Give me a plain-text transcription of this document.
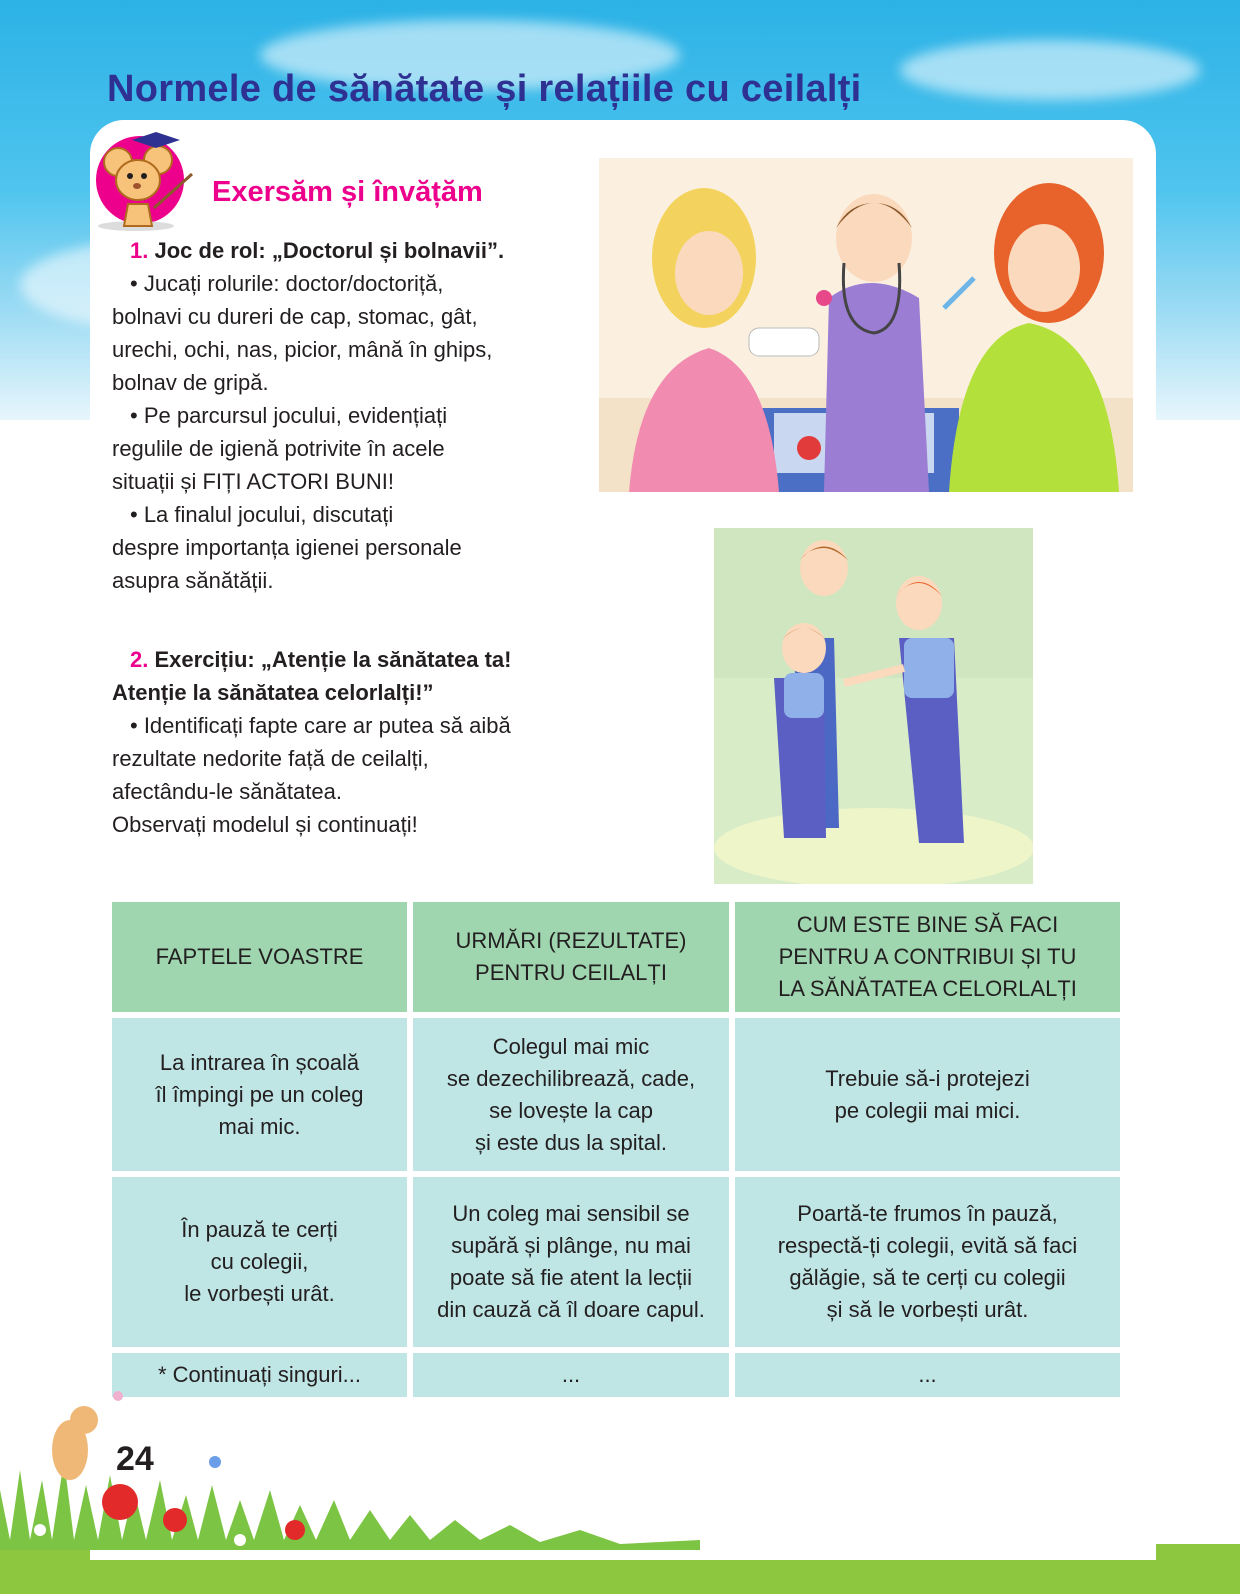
Normele de sănătate și relațiile cu ceilalți
Exersăm și învățăm
1. Joc de rol: „Doctorul și bolnavii”.
• Jucați rolurile: doctor/doctoriță,
bolnavi cu dureri de cap, stomac, gât,
urechi, ochi, nas, picior, mână în ghips,
bolnav de gripă.
• Pe parcursul jocului, evidențiați
regulile de igienă potrivite în acele
situații și FIȚI ACTORI BUNI!
• La finalul jocului, discutați
despre importanța igienei personale
asupra sănătății.
2. Exercițiu: „Atenție la sănătatea ta!
Atenție la sănătatea celorlalți!”
• Identificați fapte care ar putea să aibă
rezultate nedorite față de ceilalți,
afectându-le sănătatea.
Observați modelul și continuați!
FAPTELE VOASTRE	URMĂRI (REZULTATE)
PENTRU CEILALȚI	CUM ESTE BINE SĂ FACI
PENTRU A CONTRIBUI ȘI TU
LA SĂNĂTATEA CELORLALȚI

La intrarea în școală
îl împingi pe un coleg
mai mic.	Colegul mai mic
se dezechilibrează, cade,
se lovește la cap
și este dus la spital.	Trebuie să-i protejezi
pe colegii mai mici.

În pauză te cerți
cu colegii,
le vorbești urât.	Un coleg mai sensibil se
supără și plânge, nu mai
poate să fie atent la lecții
din cauză că îl doare capul.	Poartă-te frumos în pauză,
respectă-ți colegii, evită să faci
gălăgie, să te cerți cu colegii
și să le vorbești urât.

* Continuați singuri...	...	...
24
